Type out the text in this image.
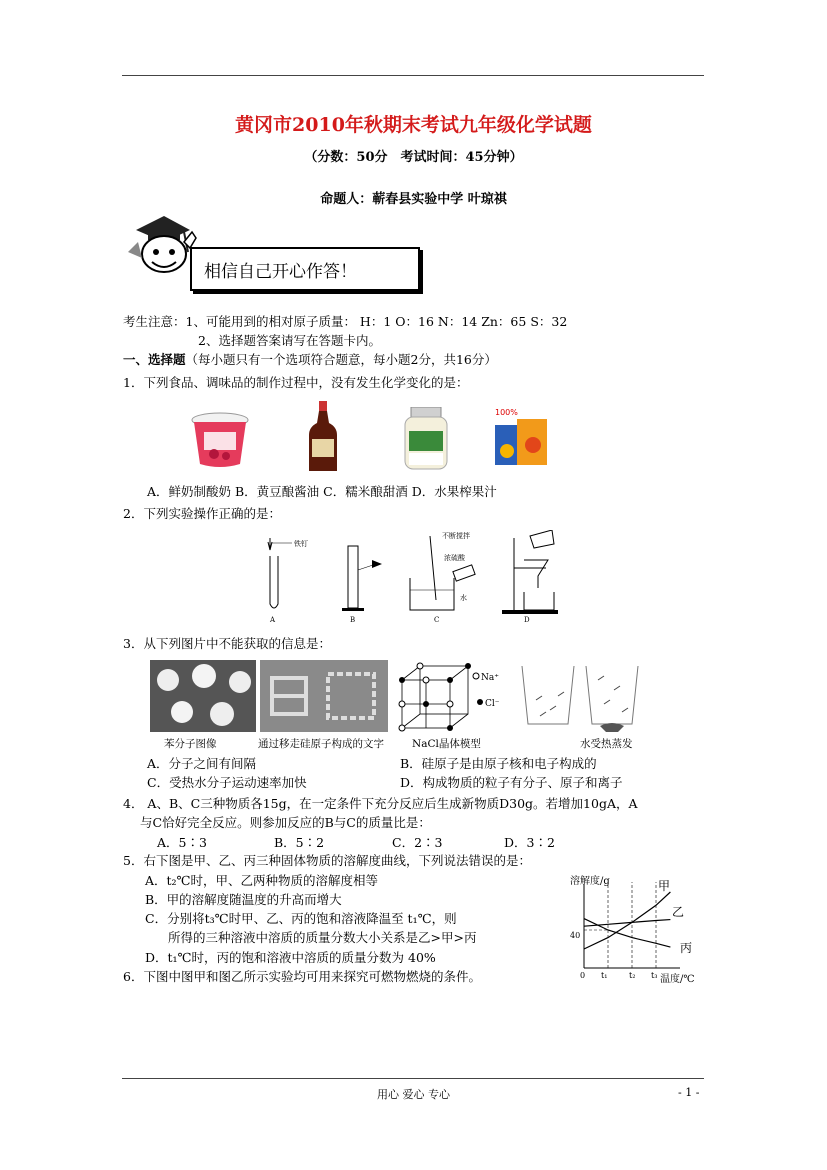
黄冈市2010年秋期末考试九年级化学试题
（分数：50分　考试时间：45分钟）
命题人：蕲春县实验中学 叶琼祺
相信自己开心作答！
考生注意：1、可能用到的相对原子质量： H：1 O：16 N：14 Zn：65 S：32
2、选择题答案请写在答题卡内。
一、选择题（每小题只有一个选项符合题意，每小题2分，共16分）
1．下列食品、调味品的制作过程中，没有发生化学变化的是：
100%
A．鲜奶制酸奶 B．黄豆酿酱油 C．糯米酿甜酒 D．水果榨果汁
2．下列实验操作正确的是：
铁钉
A	B
不断搅拌
浓硫酸
水
C	D
3．从下列图片中不能获取的信息是：
Na⁺
Cl⁻
苯分子图像	通过移走硅原子构成的文字	NaCl晶体模型	水受热蒸发
A．分子之间有间隔	B．硅原子是由原子核和电子构成的
C．受热水分子运动速率加快	D．构成物质的粒子有分子、原子和离子
4． A、B、C三种物质各15g，在一定条件下充分反应后生成新物质D30g。若增加10gA，A
与C恰好完全反应。则参加反应的B与C的质量比是：
A．5∶3	B．5∶2	C．2∶3	D．3∶2
5．右下图是甲、乙、丙三种固体物质的溶解度曲线，下列说法错误的是：
A．t₂℃时，甲、乙两种物质的溶解度相等
B．甲的溶解度随温度的升高而增大
C．分别将t₃℃时甲、乙、丙的饱和溶液降温至 t₁℃，则
所得的三种溶液中溶质的质量分数大小关系是乙>甲>丙
D．t₁℃时，丙的饱和溶液中溶质的质量分数为 40%
溶解度/g
温度/℃
0
40
t₁	t₂ t₃
甲
乙
丙
6．下图中图甲和图乙所示实验均可用来探究可燃物燃烧的条件。
用心 爱心 专心	- 1 -
